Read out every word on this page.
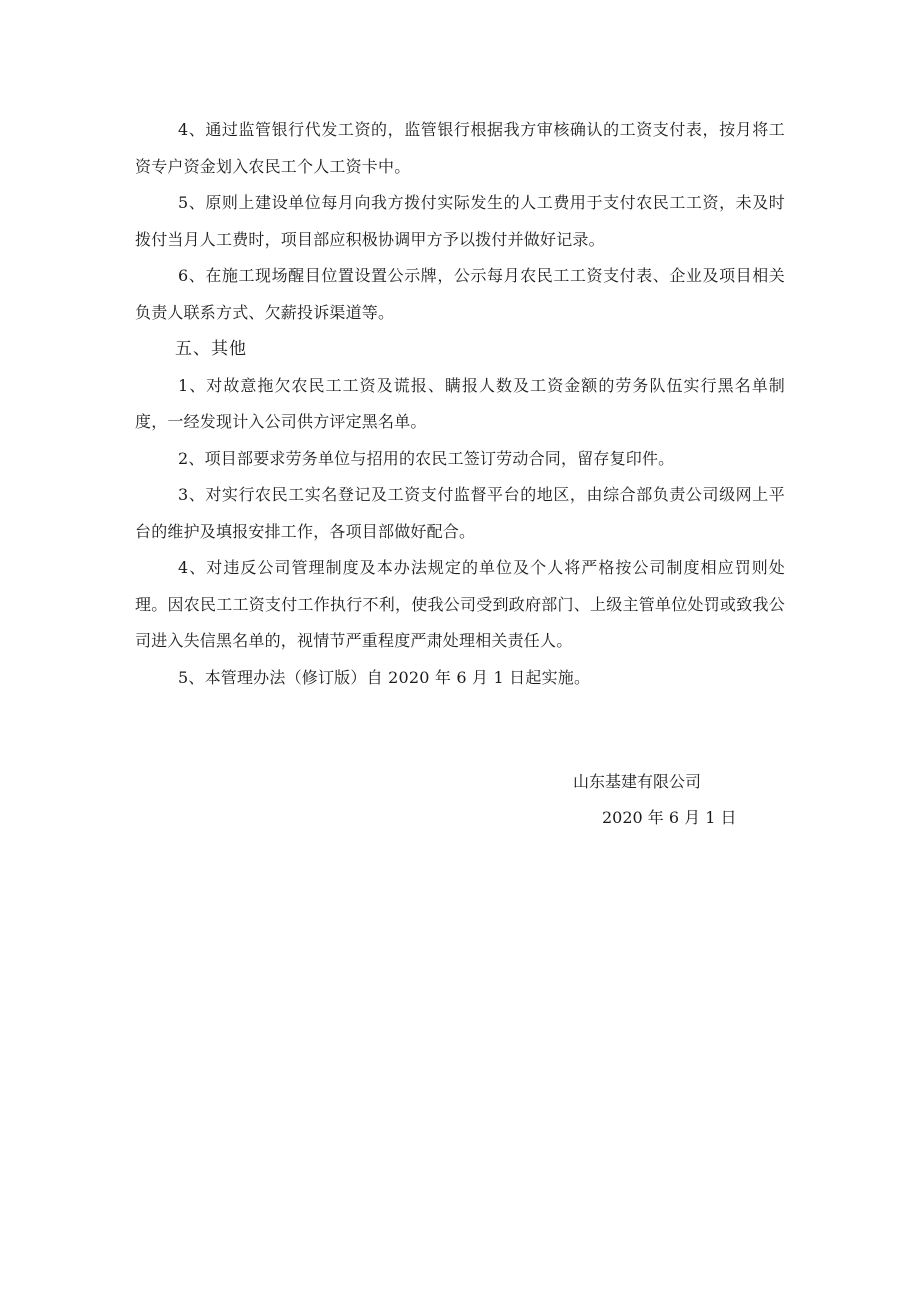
4、通过监管银行代发工资的，监管银行根据我方审核确认的工资支付表，按月将工资专户资金划入农民工个人工资卡中。

5、原则上建设单位每月向我方拨付实际发生的人工费用于支付农民工工资，未及时拨付当月人工费时，项目部应积极协调甲方予以拨付并做好记录。

6、在施工现场醒目位置设置公示牌，公示每月农民工工资支付表、企业及项目相关负责人联系方式、欠薪投诉渠道等。

五、其他

1、对故意拖欠农民工工资及谎报、瞒报人数及工资金额的劳务队伍实行黑名单制度，一经发现计入公司供方评定黑名单。

2、项目部要求劳务单位与招用的农民工签订劳动合同，留存复印件。

3、对实行农民工实名登记及工资支付监督平台的地区，由综合部负责公司级网上平台的维护及填报安排工作，各项目部做好配合。

4、对违反公司管理制度及本办法规定的单位及个人将严格按公司制度相应罚则处理。因农民工工资支付工作执行不利，使我公司受到政府部门、上级主管单位处罚或致我公司进入失信黑名单的，视情节严重程度严肃处理相关责任人。

5、本管理办法（修订版）自 2020 年 6 月 1 日起实施。

山东基建有限公司
2020 年 6 月 1 日
